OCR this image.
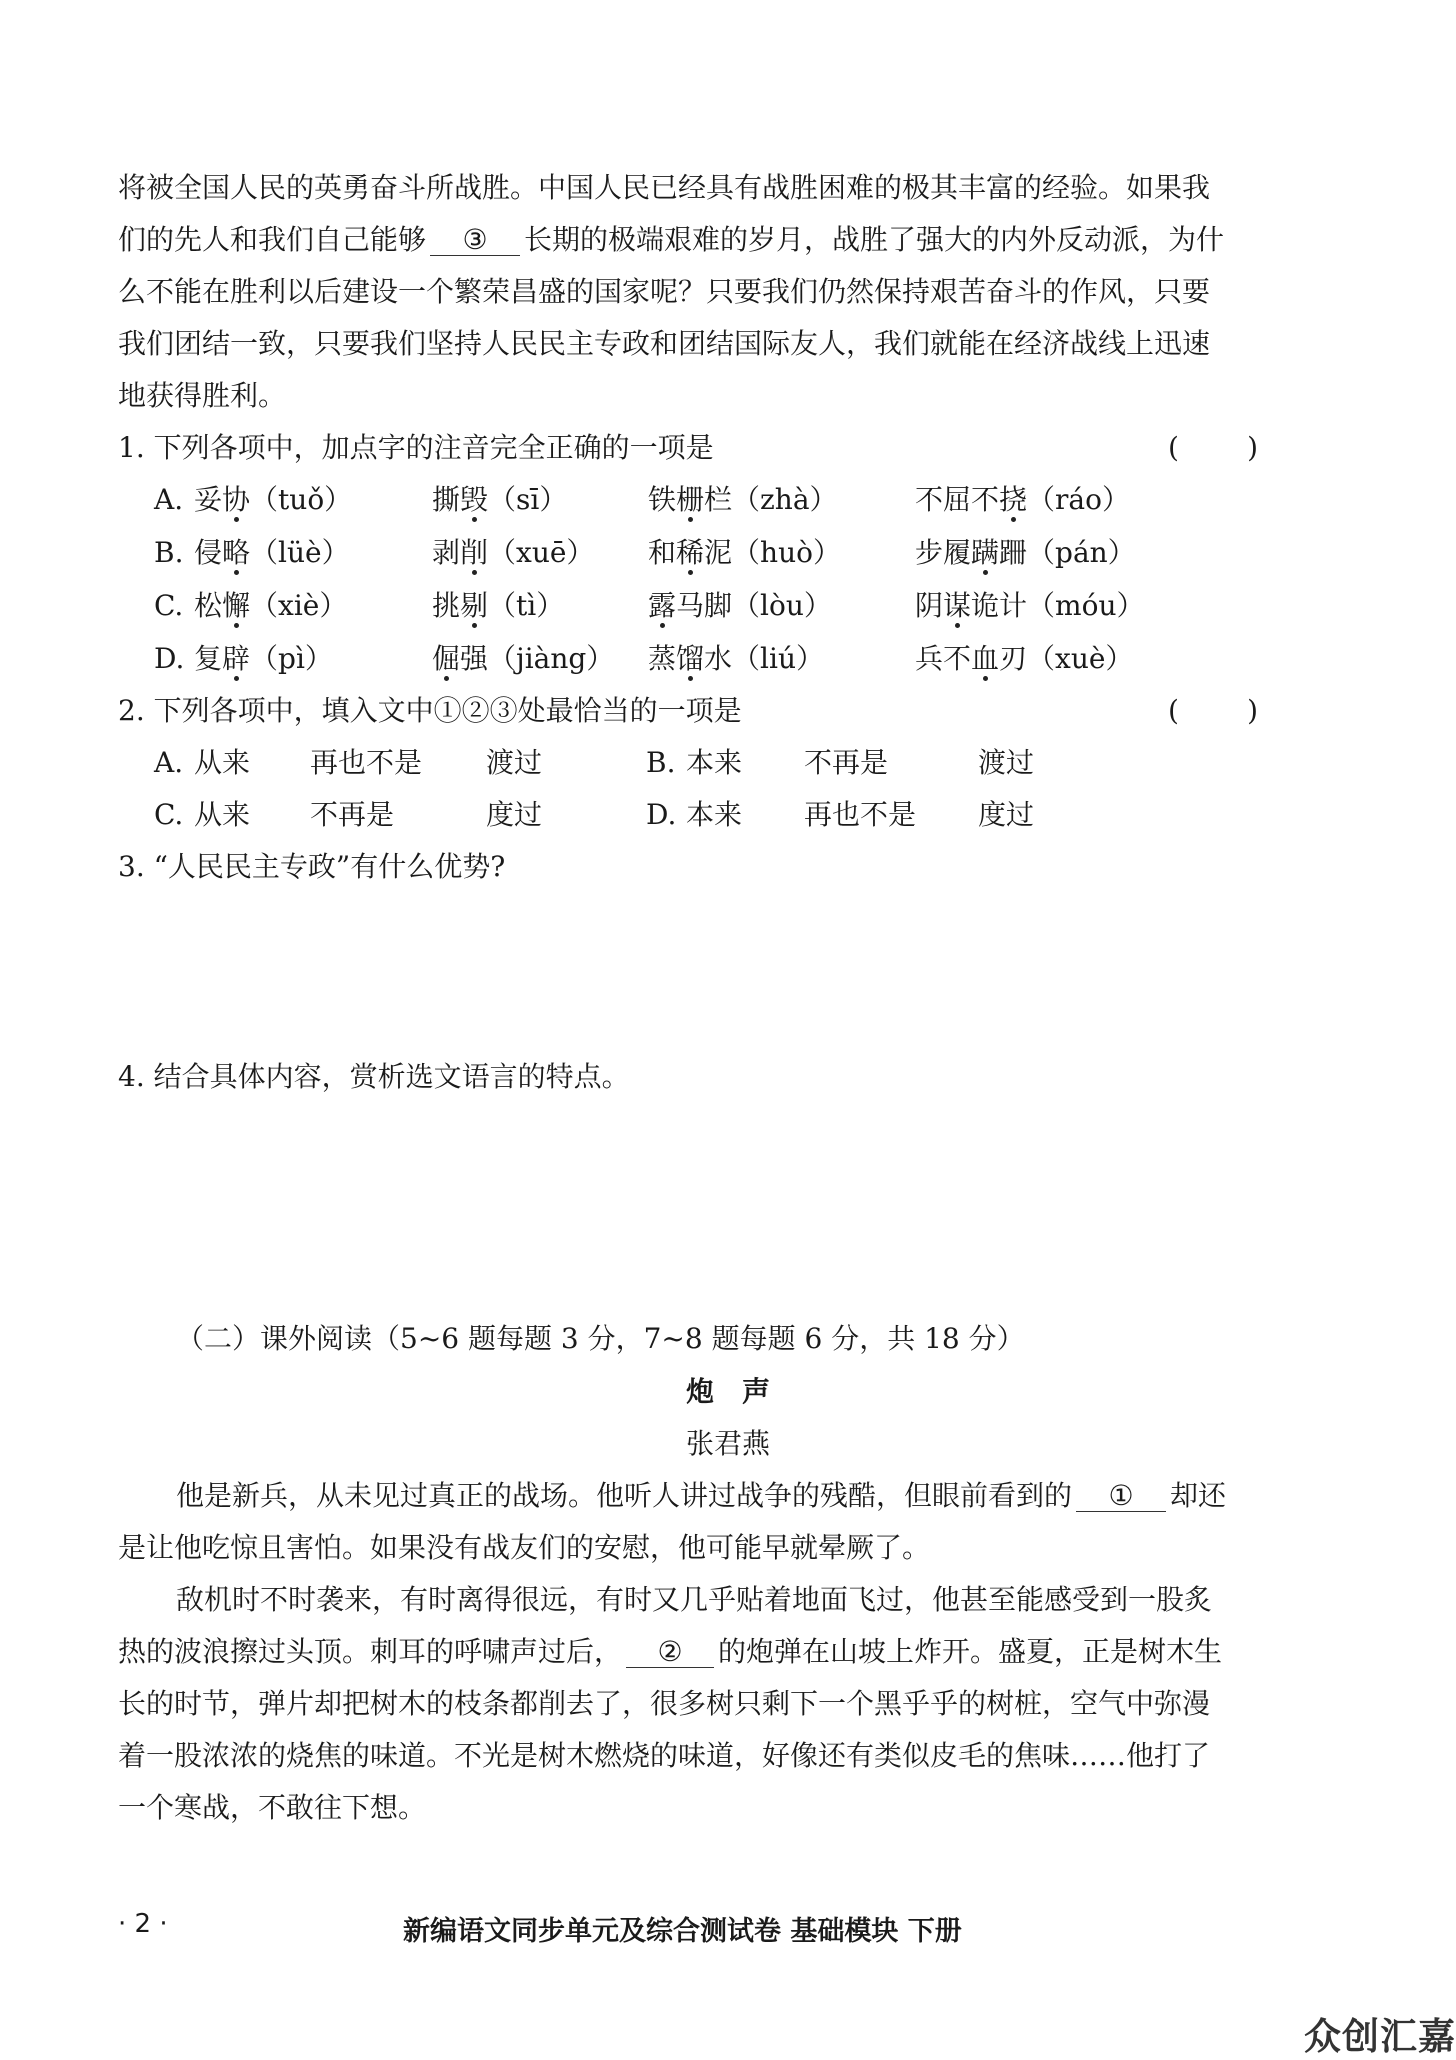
将被全国人民的英勇奋斗所战胜。中国人民已经具有战胜困难的极其丰富的经验。如果我
们的先人和我们自己能够 ③ 长期的极端艰难的岁月，战胜了强大的内外反动派，为什
么不能在胜利以后建设一个繁荣昌盛的国家呢？只要我们仍然保持艰苦奋斗的作风，只要
我们团结一致，只要我们坚持人民民主专政和团结国际友人，我们就能在经济战线上迅速
地获得胜利。
1. 下列各项中，加点字的注音完全正确的一项是	( )
A. 妥协（tuǒ）	撕毁（sī）	铁栅栏（zhà）	不屈不挠（ráo）
B. 侵略（lüè）	剥削（xuē） 和稀泥（huò）	步履蹒跚（pán）
C. 松懈（xiè）	挑剔（tì）	露马脚（lòu）	阴谋诡计（móu）
D. 复辟（pì）	倔强（jiàng） 蒸馏水（liú）	兵不血刃（xuè）
2. 下列各项中，填入文中①②③处最恰当的一项是	( )
A. 从来 再也不是 渡过	B. 本来 不再是	渡过
C. 从来 不再是	度过	D. 本来 再也不是 度过
3. “人民民主专政”有什么优势?
4. 结合具体内容，赏析选文语言的特点。
（二）课外阅读（5~6 题每题 3 分，7~8 题每题 6 分，共 18 分）
炮声
张君燕
他是新兵，从未见过真正的战场。他听人讲过战争的残酷，但眼前看到的 ① 却还
是让他吃惊且害怕。如果没有战友们的安慰，他可能早就晕厥了。
敌机时不时袭来，有时离得很远，有时又几乎贴着地面飞过，他甚至能感受到一股炙
热的波浪擦过头顶。刺耳的呼啸声过后， ② 的炮弹在山坡上炸开。盛夏，正是树木生
长的时节，弹片却把树木的枝条都削去了，很多树只剩下一个黑乎乎的树桩，空气中弥漫
着一股浓浓的烧焦的味道。不光是树木燃烧的味道，好像还有类似皮毛的焦味……他打了
一个寒战，不敢往下想。
· 2 ·	新编语文同步单元及综合测试卷 基础模块 下册
众创汇嘉
